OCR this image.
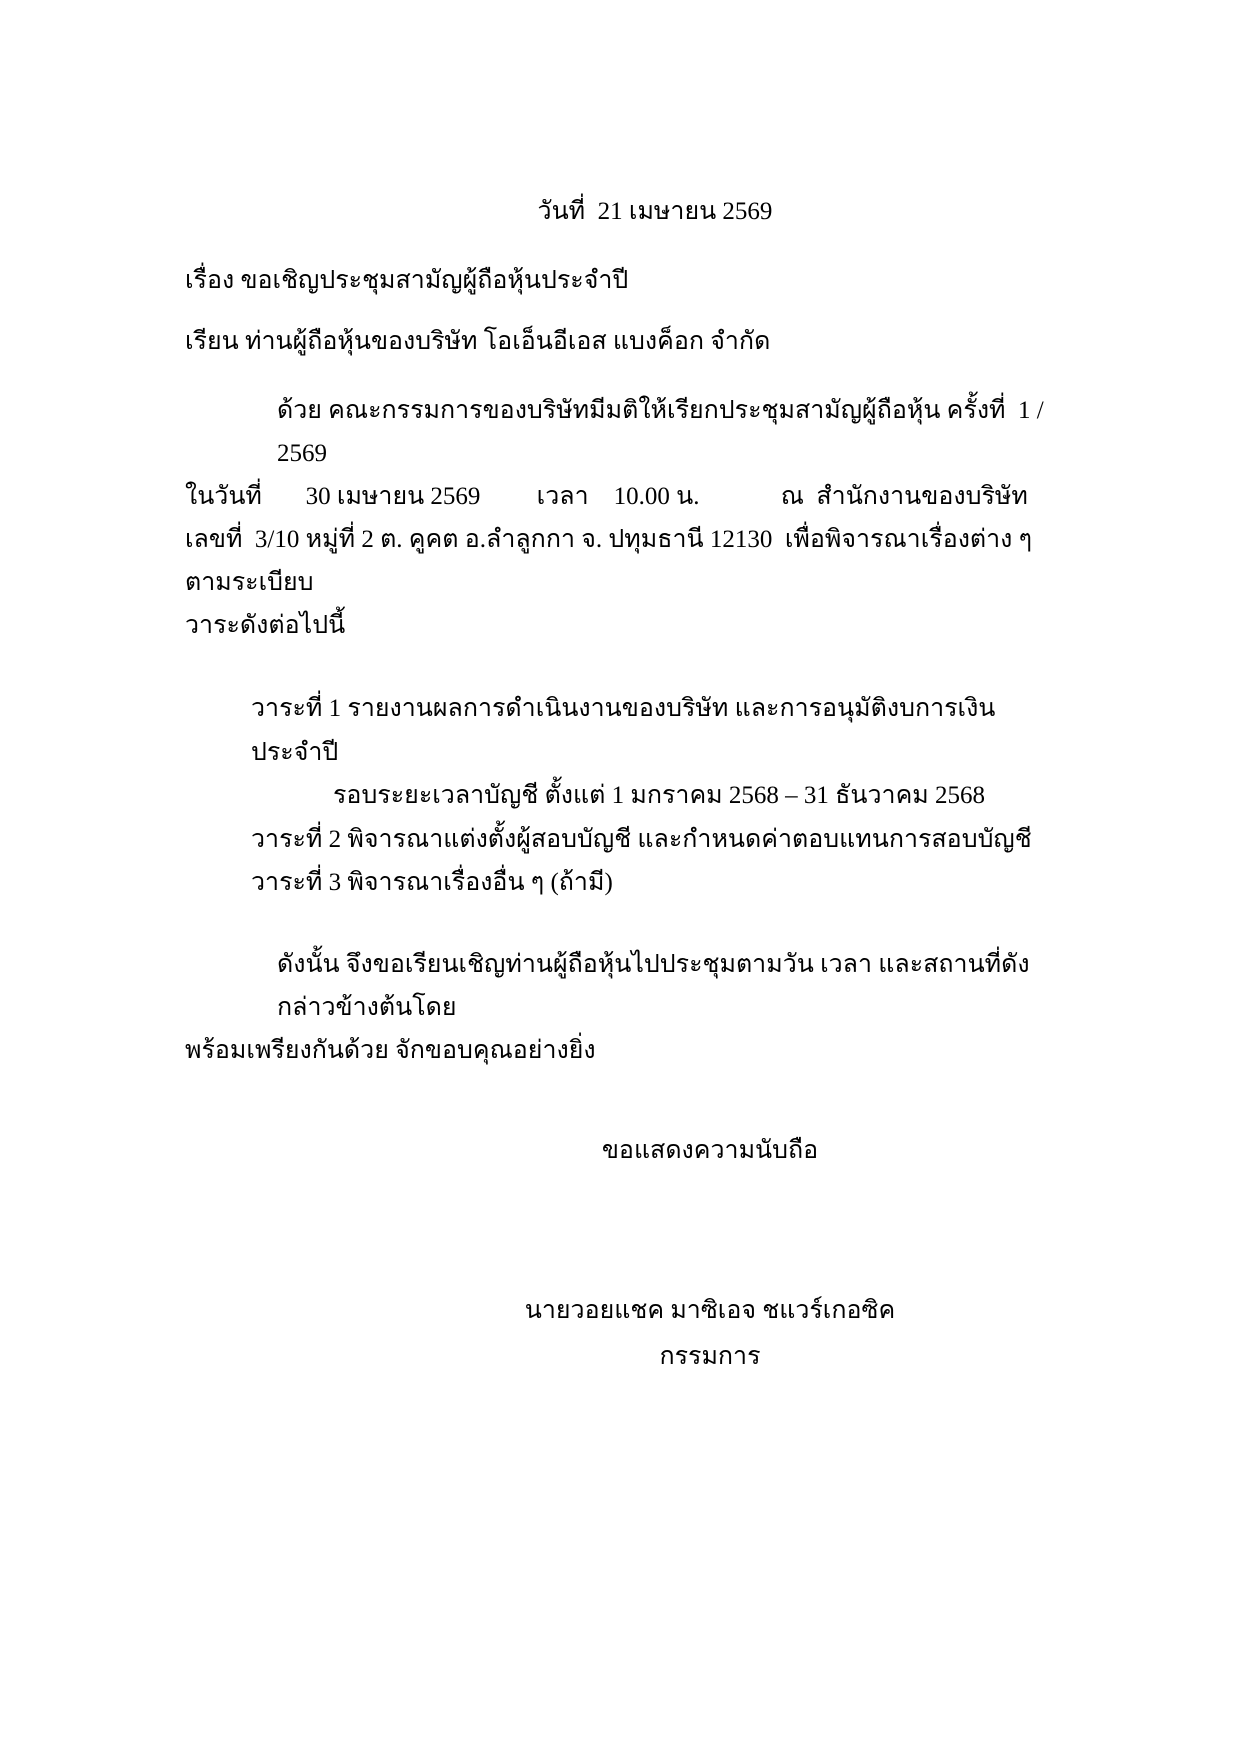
วันที่  21 เมษายน 2569
เรื่อง ขอเชิญประชุมสามัญผู้ถือหุ้นประจำปี
เรียน ท่านผู้ถือหุ้นของบริษัท โอเอ็นอีเอส แบงค็อก จำกัด
ด้วย คณะกรรมการของบริษัทมีมติให้เรียกประชุมสามัญผู้ถือหุ้น ครั้งที่  1 /  2569
ในวันที่       30 เมษายน 2569         เวลา    10.00 น.             ณ  สำนักงานของบริษัท
เลขที่  3/10 หมู่ที่ 2 ต. คูคต อ.ลำลูกกา จ. ปทุมธานี 12130  เพื่อพิจารณาเรื่องต่าง ๆ ตามระเบียบ
วาระดังต่อไปนี้
วาระที่ 1 รายงานผลการดำเนินงานของบริษัท และการอนุมัติงบการเงินประจำปี
รอบระยะเวลาบัญชี ตั้งแต่ 1 มกราคม 2568 – 31 ธันวาคม 2568
วาระที่ 2 พิจารณาแต่งตั้งผู้สอบบัญชี และกำหนดค่าตอบแทนการสอบบัญชี
วาระที่ 3 พิจารณาเรื่องอื่น ๆ (ถ้ามี)
ดังนั้น จึงขอเรียนเชิญท่านผู้ถือหุ้นไปประชุมตามวัน เวลา และสถานที่ดังกล่าวข้างต้นโดย
พร้อมเพรียงกันด้วย จักขอบคุณอย่างยิ่ง
ขอแสดงความนับถือ
นายวอยแชค มาซิเอจ ชแวร์เกอซิค
กรรมการ
